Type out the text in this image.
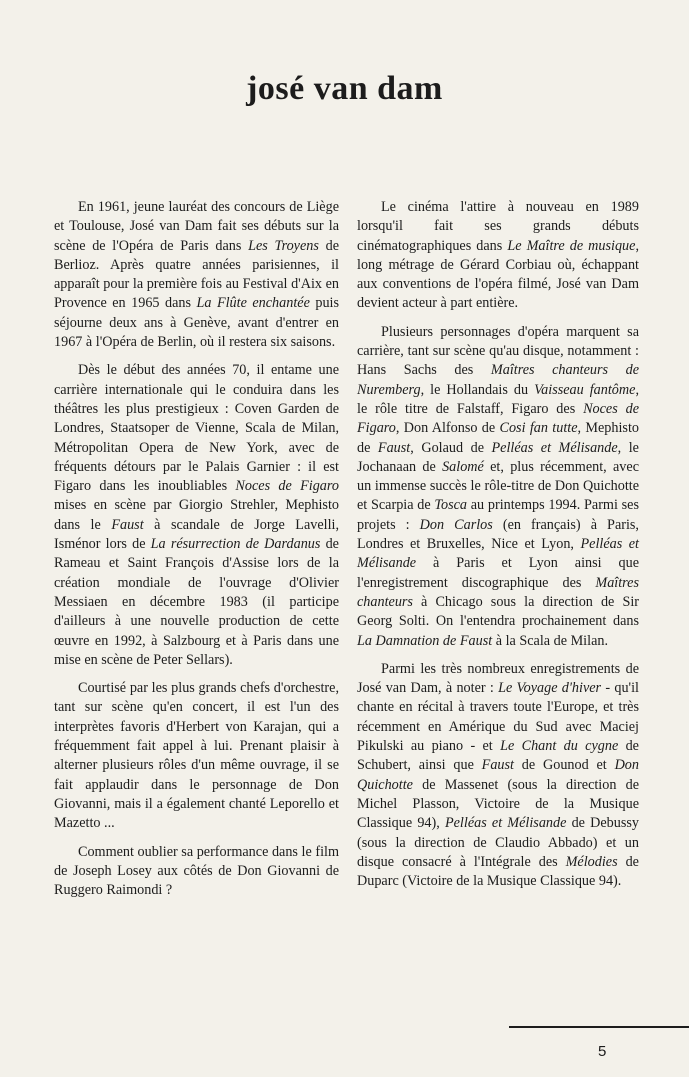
josé van dam

En 1961, jeune lauréat des concours de Liège et Toulouse, José van Dam fait ses débuts sur la scène de l'Opéra de Paris dans Les Troyens de Berlioz. Après quatre années parisiennes, il apparaît pour la première fois au Festival d'Aix en Provence en 1965 dans La Flûte enchantée puis séjourne deux ans à Genève, avant d'entrer en 1967 à l'Opéra de Berlin, où il restera six saisons.

Dès le début des années 70, il entame une carrière internationale qui le conduira dans les théâtres les plus prestigieux : Coven Garden de Londres, Staatsoper de Vienne, Scala de Milan, Métropolitan Opera de New York, avec de fréquents détours par le Palais Garnier : il est Figaro dans les inoubliables Noces de Figaro mises en scène par Giorgio Strehler, Mephisto dans le Faust à scandale de Jorge Lavelli, Isménor lors de La résurrection de Dardanus de Rameau et Saint François d'Assise lors de la création mondiale de l'ouvrage d'Olivier Messiaen en décembre 1983 (il participe d'ailleurs à une nouvelle production de cette œuvre en 1992, à Salzbourg et à Paris dans une mise en scène de Peter Sellars).

Courtisé par les plus grands chefs d'orchestre, tant sur scène qu'en concert, il est l'un des interprètes favoris d'Herbert von Karajan, qui a fréquemment fait appel à lui. Prenant plaisir à alterner plusieurs rôles d'un même ouvrage, il se fait applaudir dans le personnage de Don Giovanni, mais il a également chanté Leporello et Mazetto ...

Comment oublier sa performance dans le film de Joseph Losey aux côtés de Don Giovanni de Ruggero Raimondi ?

Le cinéma l'attire à nouveau en 1989 lorsqu'il fait ses grands débuts cinématographiques dans Le Maître de musique, long métrage de Gérard Corbiau où, échappant aux conventions de l'opéra filmé, José van Dam devient acteur à part entière.

Plusieurs personnages d'opéra marquent sa carrière, tant sur scène qu'au disque, notamment : Hans Sachs des Maîtres chanteurs de Nuremberg, le Hollandais du Vaisseau fantôme, le rôle titre de Falstaff, Figaro des Noces de Figaro, Don Alfonso de Cosi fan tutte, Mephisto de Faust, Golaud de Pelléas et Mélisande, le Jochanaan de Salomé et, plus récemment, avec un immense succès le rôle-titre de Don Quichotte et Scarpia de Tosca au printemps 1994. Parmi ses projets : Don Carlos (en français) à Paris, Londres et Bruxelles, Nice et Lyon, Pelléas et Mélisande à Paris et Lyon ainsi que l'enregistrement discographique des Maîtres chanteurs à Chicago sous la direction de Sir Georg Solti. On l'entendra prochainement dans La Damnation de Faust à la Scala de Milan.

Parmi les très nombreux enregistrements de José van Dam, à noter : Le Voyage d'hiver - qu'il chante en récital à travers toute l'Europe, et très récemment en Amérique du Sud avec Maciej Pikulski au piano - et Le Chant du cygne de Schubert, ainsi que Faust de Gounod et Don Quichotte de Massenet (sous la direction de Michel Plasson, Victoire de la Musique Classique 94), Pelléas et Mélisande de Debussy (sous la direction de Claudio Abbado) et un disque consacré à l'Intégrale des Mélodies de Duparc (Victoire de la Musique Classique 94).

5
